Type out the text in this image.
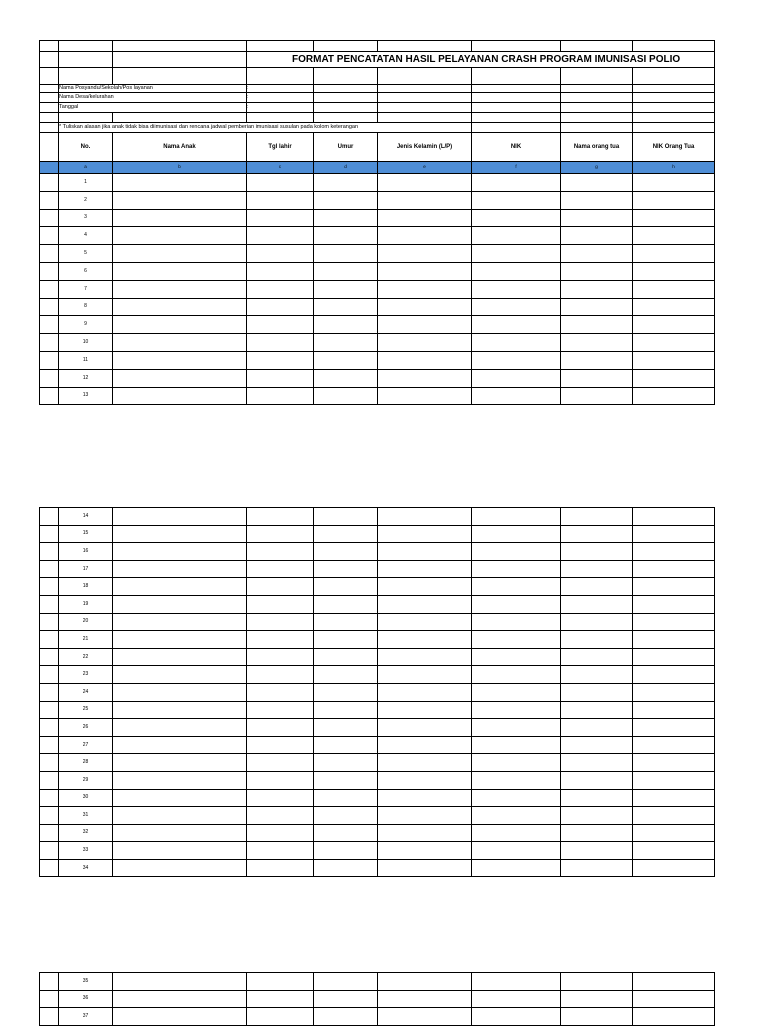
			FORMAT PENCATATAN HASIL PELAYANAN CRASH PROGRAM IMUNISASI POLIO					

	Nama Posyandu/Sekolah/Pos layanan		:					
	Nama Desa/kelurahan		:					
	Tanggal		:					

	* Tuliskan alasan jika anak tidak bisa diimunisasi dan rencana jadwal pemberian imunisasi susulan pada kolom keterangan							
	No.	Nama Anak	Tgl lahir	Umur	Jenis Kelamin (L/P)	NIK	Nama orang tua	NIK Orang Tua
	a	b	c	d	e	f	g	h
	1							
	2							
	3							
	4							
	5							
	6							
	7							
	8							
	9							
	10							
	11							
	12							
	13							
	14							
	15							
	16							
	17							
	18							
	19							
	20							
	21							
	22							
	23							
	24							
	25							
	26							
	27							
	28							
	29							
	30							
	31							
	32							
	33							
	34							
	35							
	36							
	37							
